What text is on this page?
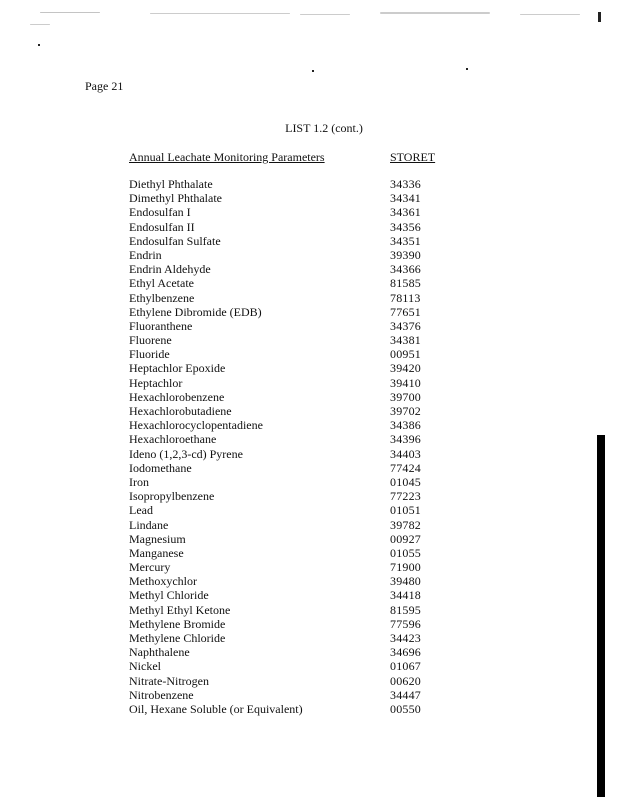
Page 21
LIST 1.2 (cont.)
Annual Leachate Monitoring Parameters	STORET
Diethyl Phthalate	34336
Dimethyl Phthalate	34341
Endosulfan I	34361
Endosulfan II	34356
Endosulfan Sulfate	34351
Endrin	39390
Endrin Aldehyde	34366
Ethyl Acetate	81585
Ethylbenzene	78113
Ethylene Dibromide (EDB)	77651
Fluoranthene	34376
Fluorene	34381
Fluoride	00951
Heptachlor Epoxide	39420
Heptachlor	39410
Hexachlorobenzene	39700
Hexachlorobutadiene	39702
Hexachlorocyclopentadiene	34386
Hexachloroethane	34396
Ideno (1,2,3-cd) Pyrene	34403
Iodomethane	77424
Iron	01045
Isopropylbenzene	77223
Lead	01051
Lindane	39782
Magnesium	00927
Manganese	01055
Mercury	71900
Methoxychlor	39480
Methyl Chloride	34418
Methyl Ethyl Ketone	81595
Methylene Bromide	77596
Methylene Chloride	34423
Naphthalene	34696
Nickel	01067
Nitrate-Nitrogen	00620
Nitrobenzene	34447
Oil, Hexane Soluble (or Equivalent)	00550
